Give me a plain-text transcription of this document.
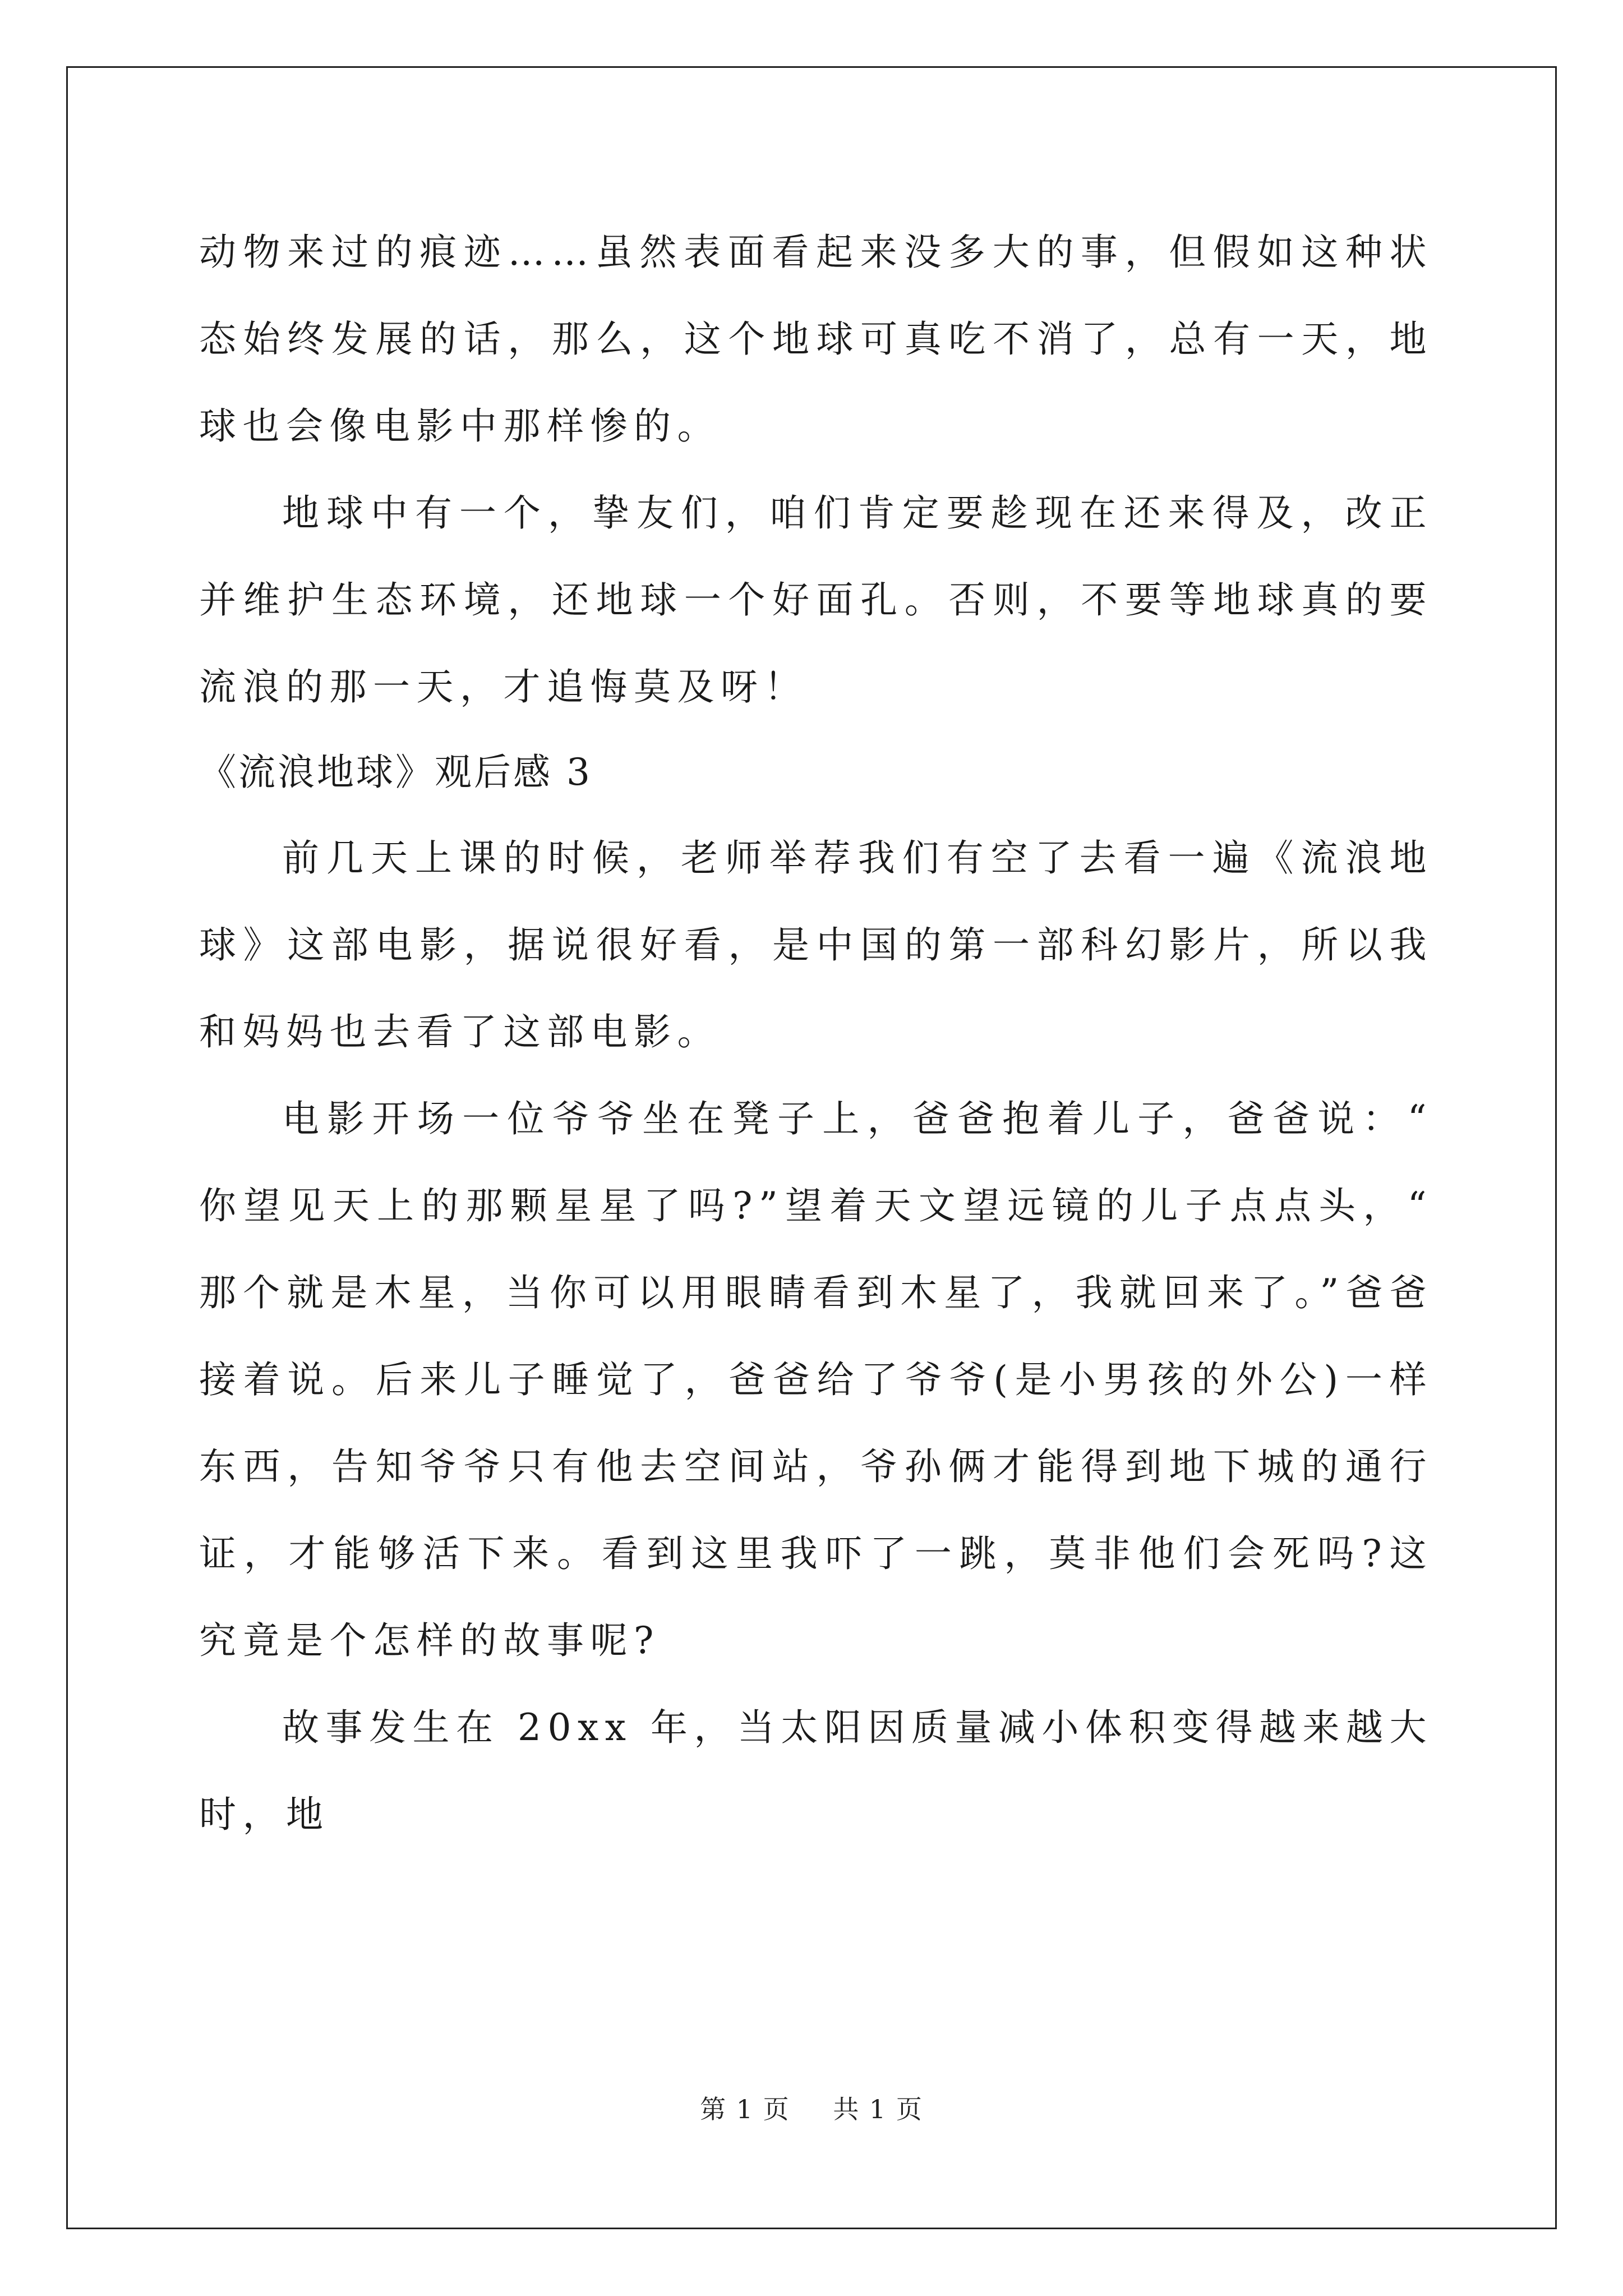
动物来过的痕迹……虽然表面看起来没多大的事，但假如这种状态始终发展的话，那么，这个地球可真吃不消了，总有一天，地球也会像电影中那样惨的。

地球中有一个，挚友们，咱们肯定要趁现在还来得及，改正并维护生态环境，还地球一个好面孔。否则，不要等地球真的要流浪的那一天，才追悔莫及呀！

《流浪地球》观后感 3

前几天上课的时候，老师举荐我们有空了去看一遍《流浪地球》这部电影，据说很好看，是中国的第一部科幻影片，所以我和妈妈也去看了这部电影。

电影开场一位爷爷坐在凳子上，爸爸抱着儿子，爸爸说：“你望见天上的那颗星星了吗?”望着天文望远镜的儿子点点头，“那个就是木星，当你可以用眼睛看到木星了，我就回来了。”爸爸接着说。后来儿子睡觉了，爸爸给了爷爷(是小男孩的外公)一样东西，告知爷爷只有他去空间站，爷孙俩才能得到地下城的通行证，才能够活下来。看到这里我吓了一跳，莫非他们会死吗?这究竟是个怎样的故事呢?

故事发生在 20xx 年，当太阳因质量减小体积变得越来越大时，地

第 1 页 共 1 页
